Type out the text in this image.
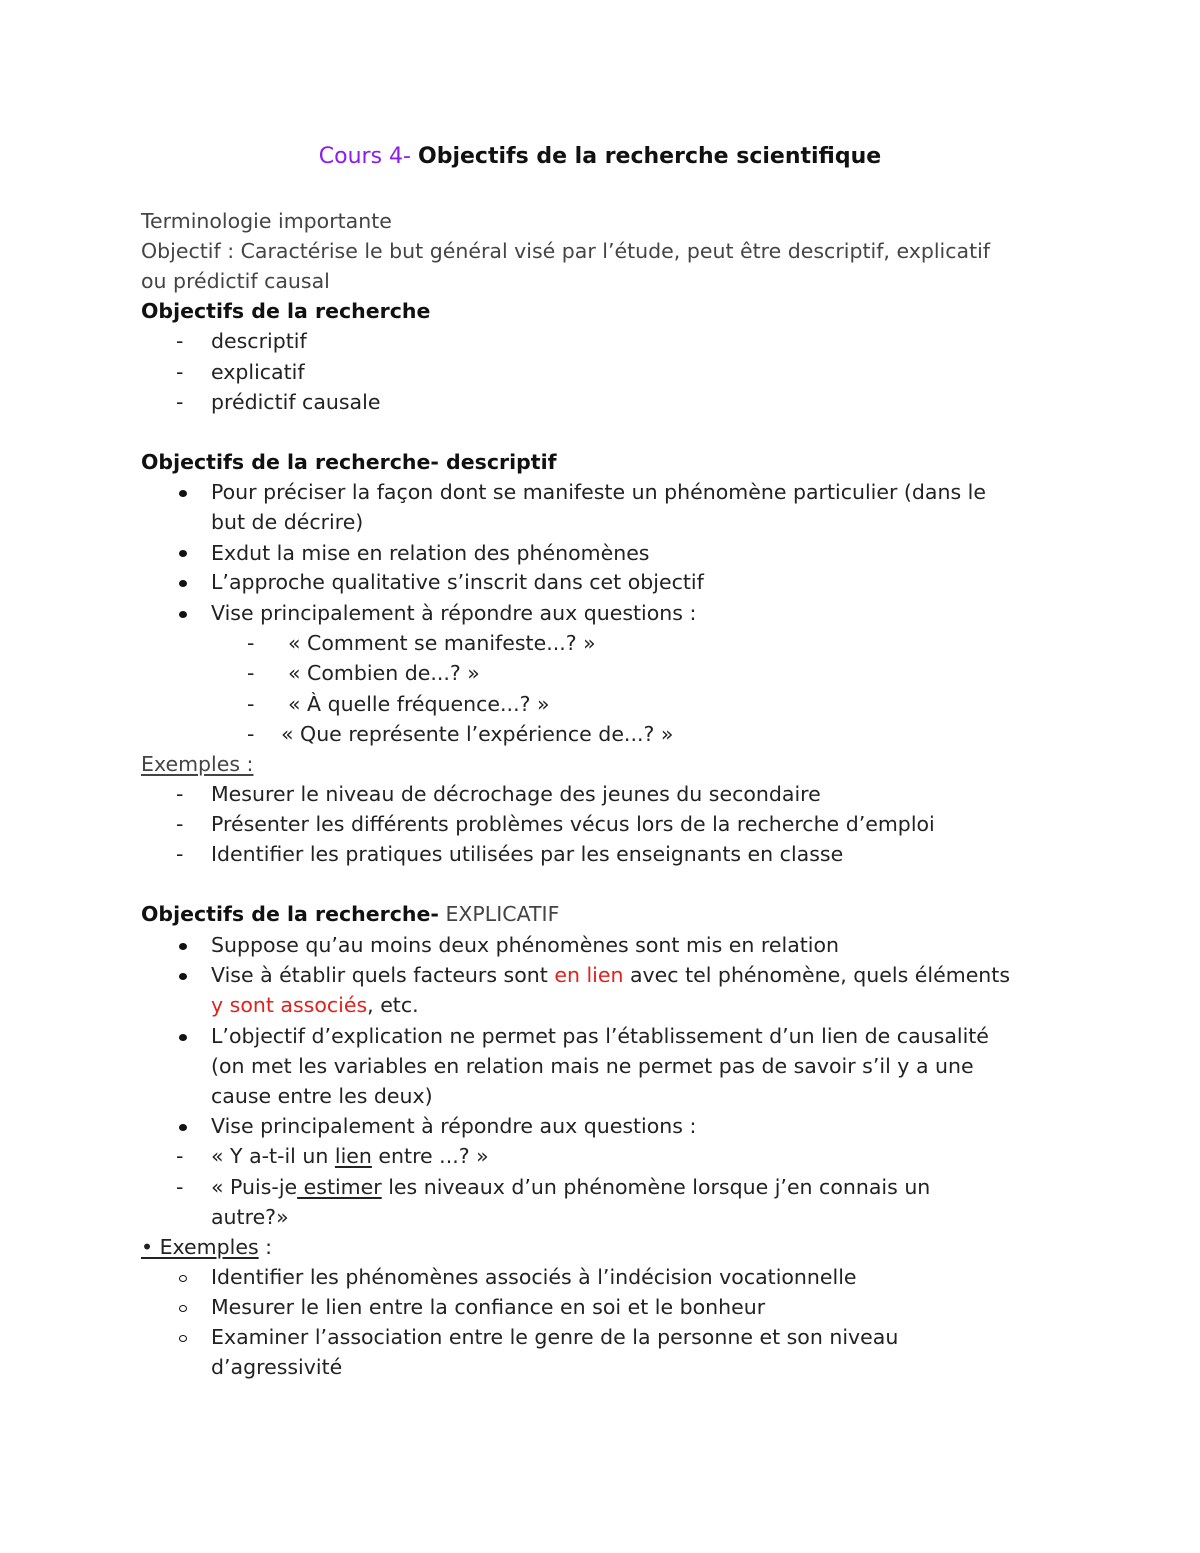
Cours 4- Objectifs de la recherche scientifique

Terminologie importante

Objectif : Caractérise le but général visé par l’étude, peut être descriptif, explicatif

ou prédictif causal

Objectifs de la recherche

- descriptif

- explicatif

- prédictif causale

Objectifs de la recherche- descriptif

Pour préciser la façon dont se manifeste un phénomène particulier (dans le

but de décrire)

Exdut la mise en relation des phénomènes

L’approche qualitative s’inscrit dans cet objectif

Vise principalement à répondre aux questions :

- « Comment se manifeste...? »

- « Combien de...? »

- « À quelle fréquence...? »

- « Que représente l’expérience de...? »

Exemples :

- Mesurer le niveau de décrochage des jeunes du secondaire

- Présenter les différents problèmes vécus lors de la recherche d’emploi

- Identifier les pratiques utilisées par les enseignants en classe

Objectifs de la recherche- EXPLICATIF

Suppose qu’au moins deux phénomènes sont mis en relation

Vise à établir quels facteurs sont en lien avec tel phénomène, quels éléments

y sont associés, etc.

L’objectif d’explication ne permet pas l’établissement d’un lien de causalité

(on met les variables en relation mais ne permet pas de savoir s’il y a une

cause entre les deux)

Vise principalement à répondre aux questions :

- « Y a-t-il un lien entre ...? »

- « Puis-je estimer les niveaux d’un phénomène lorsque j’en connais un

autre?»

• Exemples :

Identifier les phénomènes associés à l’indécision vocationnelle

Mesurer le lien entre la confiance en soi et le bonheur

Examiner l’association entre le genre de la personne et son niveau

d’agressivité
